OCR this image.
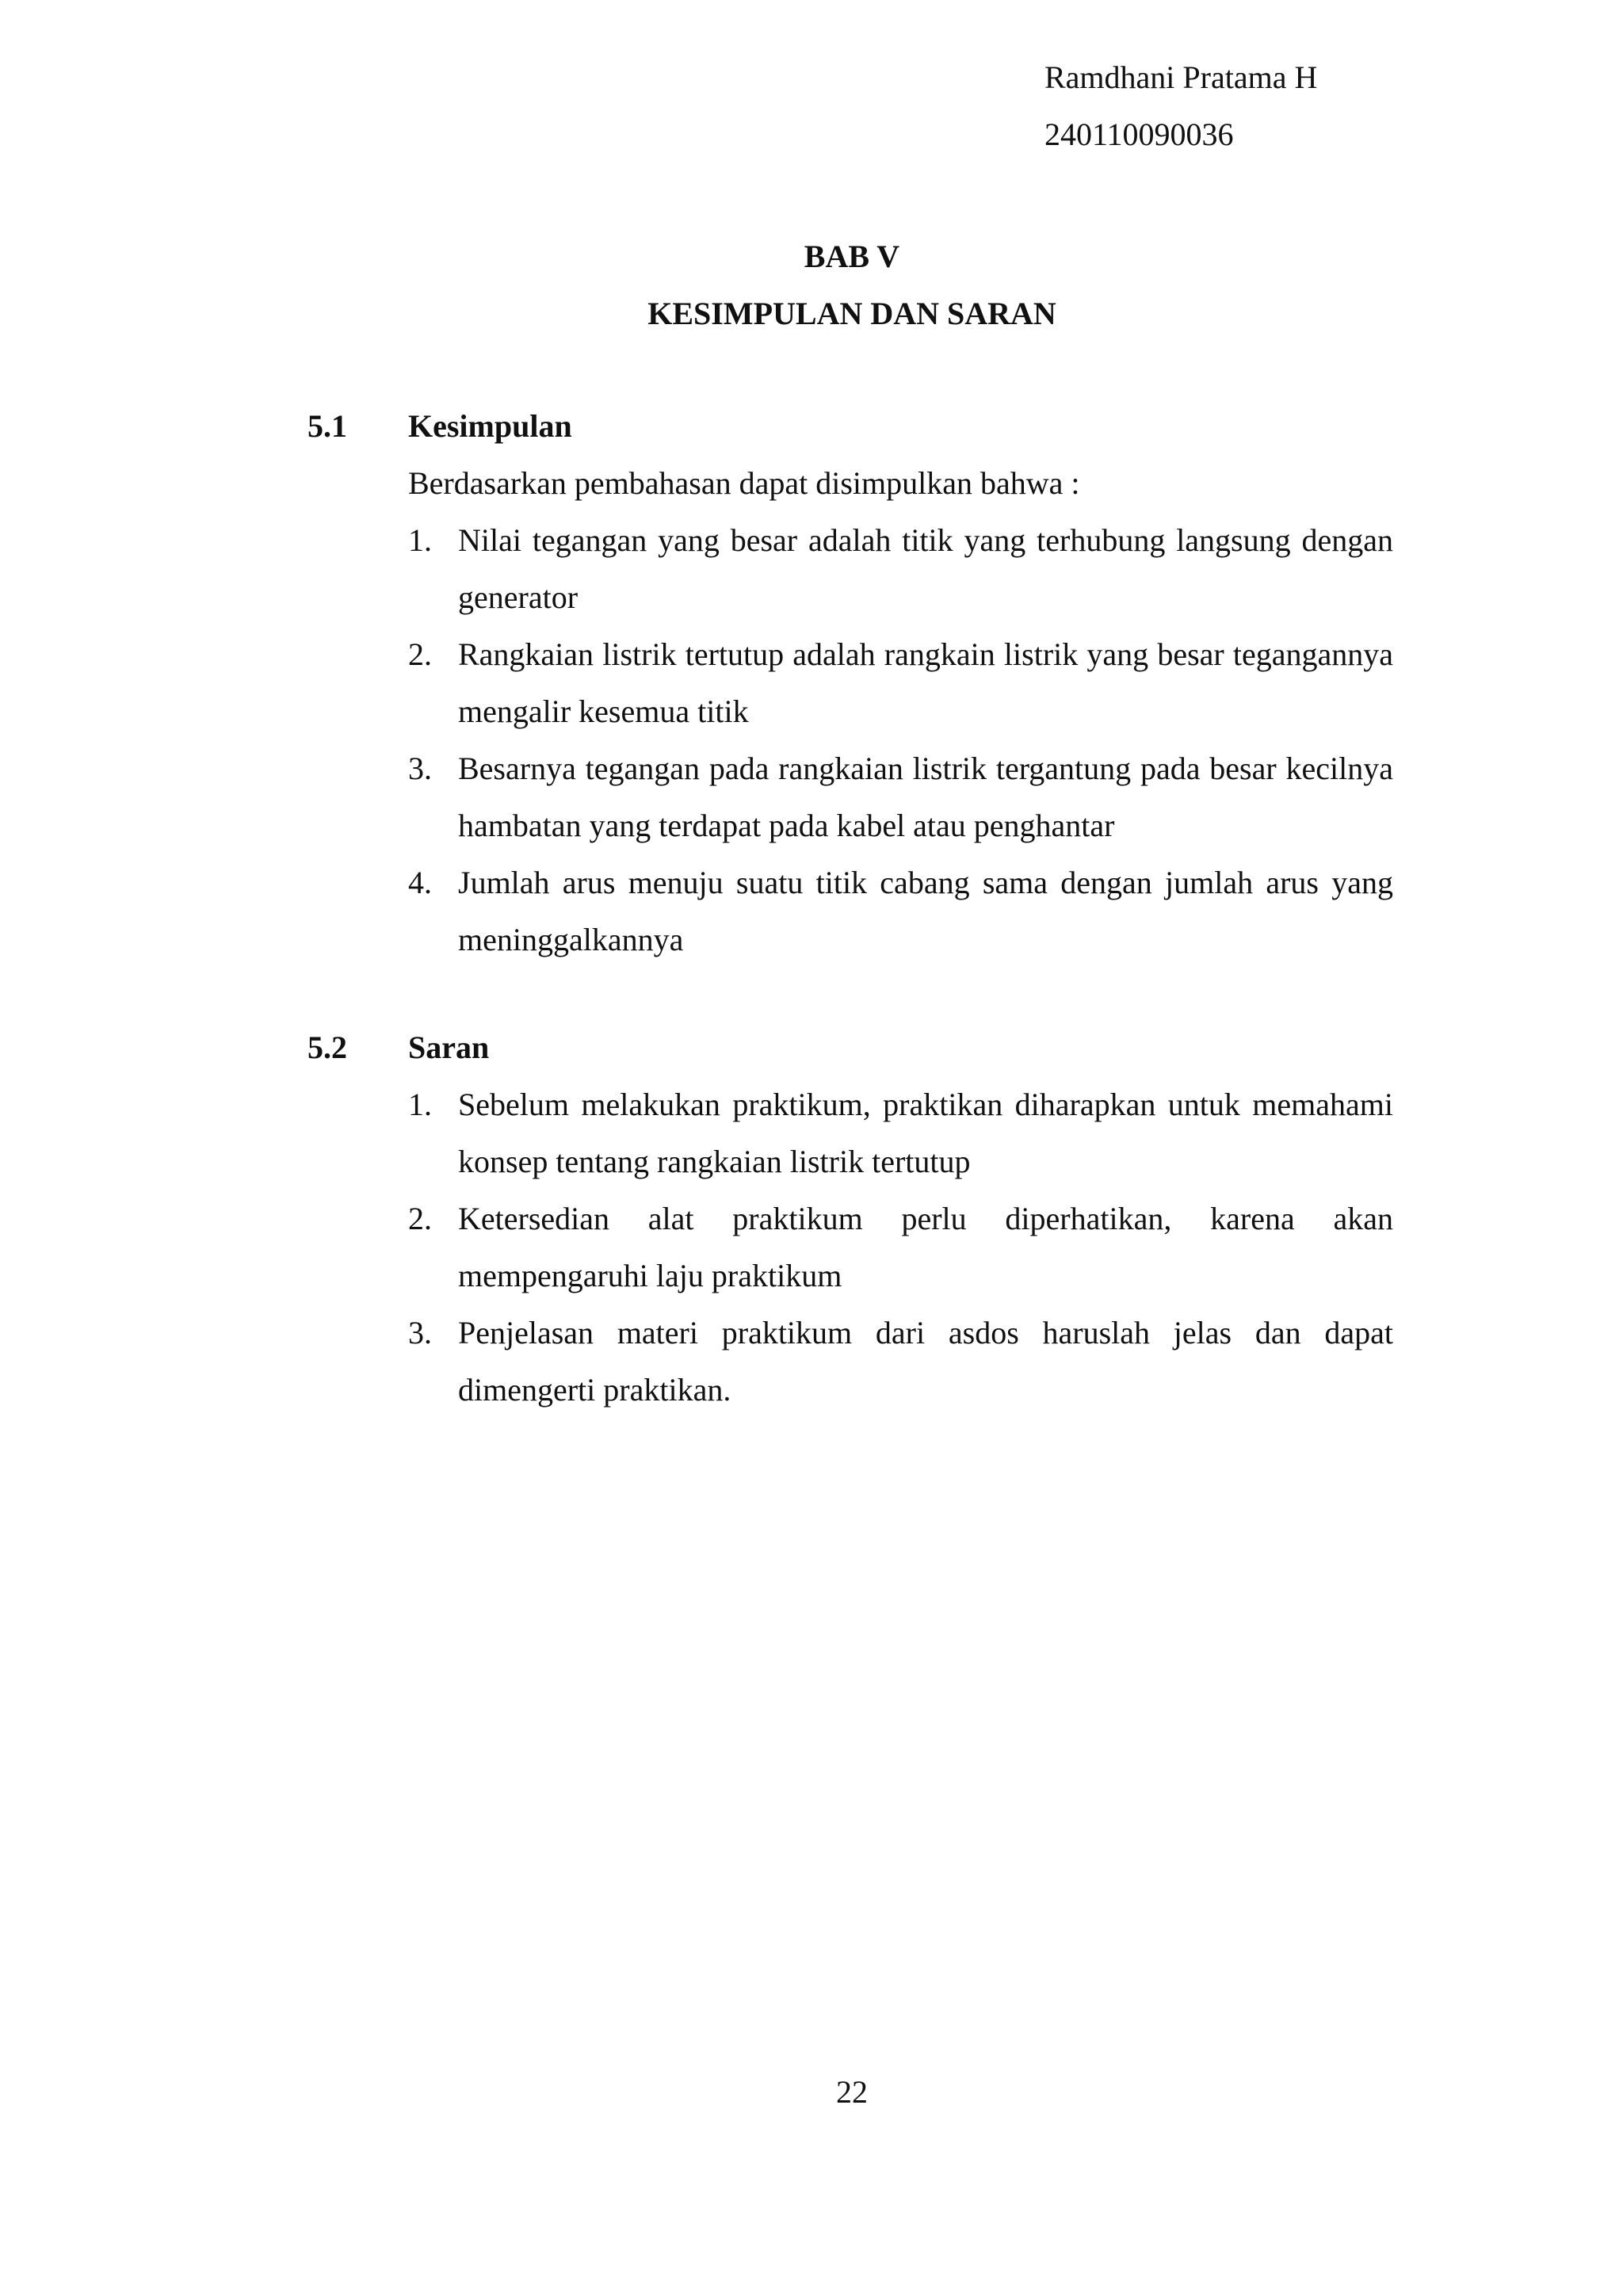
Ramdhani Pratama H
240110090036
BAB V
KESIMPULAN DAN SARAN
5.1	Kesimpulan
Berdasarkan pembahasan dapat disimpulkan bahwa :
1. Nilai tegangan yang besar adalah titik yang terhubung langsung dengan generator
2. Rangkaian listrik tertutup adalah rangkain listrik yang besar tegangannya mengalir kesemua titik
3. Besarnya tegangan pada rangkaian listrik tergantung pada besar kecilnya hambatan yang terdapat pada kabel atau penghantar
4. Jumlah arus menuju suatu titik cabang sama dengan jumlah arus yang meninggalkannya
5.2	Saran
1. Sebelum melakukan praktikum, praktikan diharapkan untuk memahami konsep tentang rangkaian listrik tertutup
2. Ketersedian alat praktikum perlu diperhatikan, karena akan mempengaruhi laju praktikum
3. Penjelasan materi praktikum dari asdos haruslah jelas dan dapat dimengerti praktikan.
22
